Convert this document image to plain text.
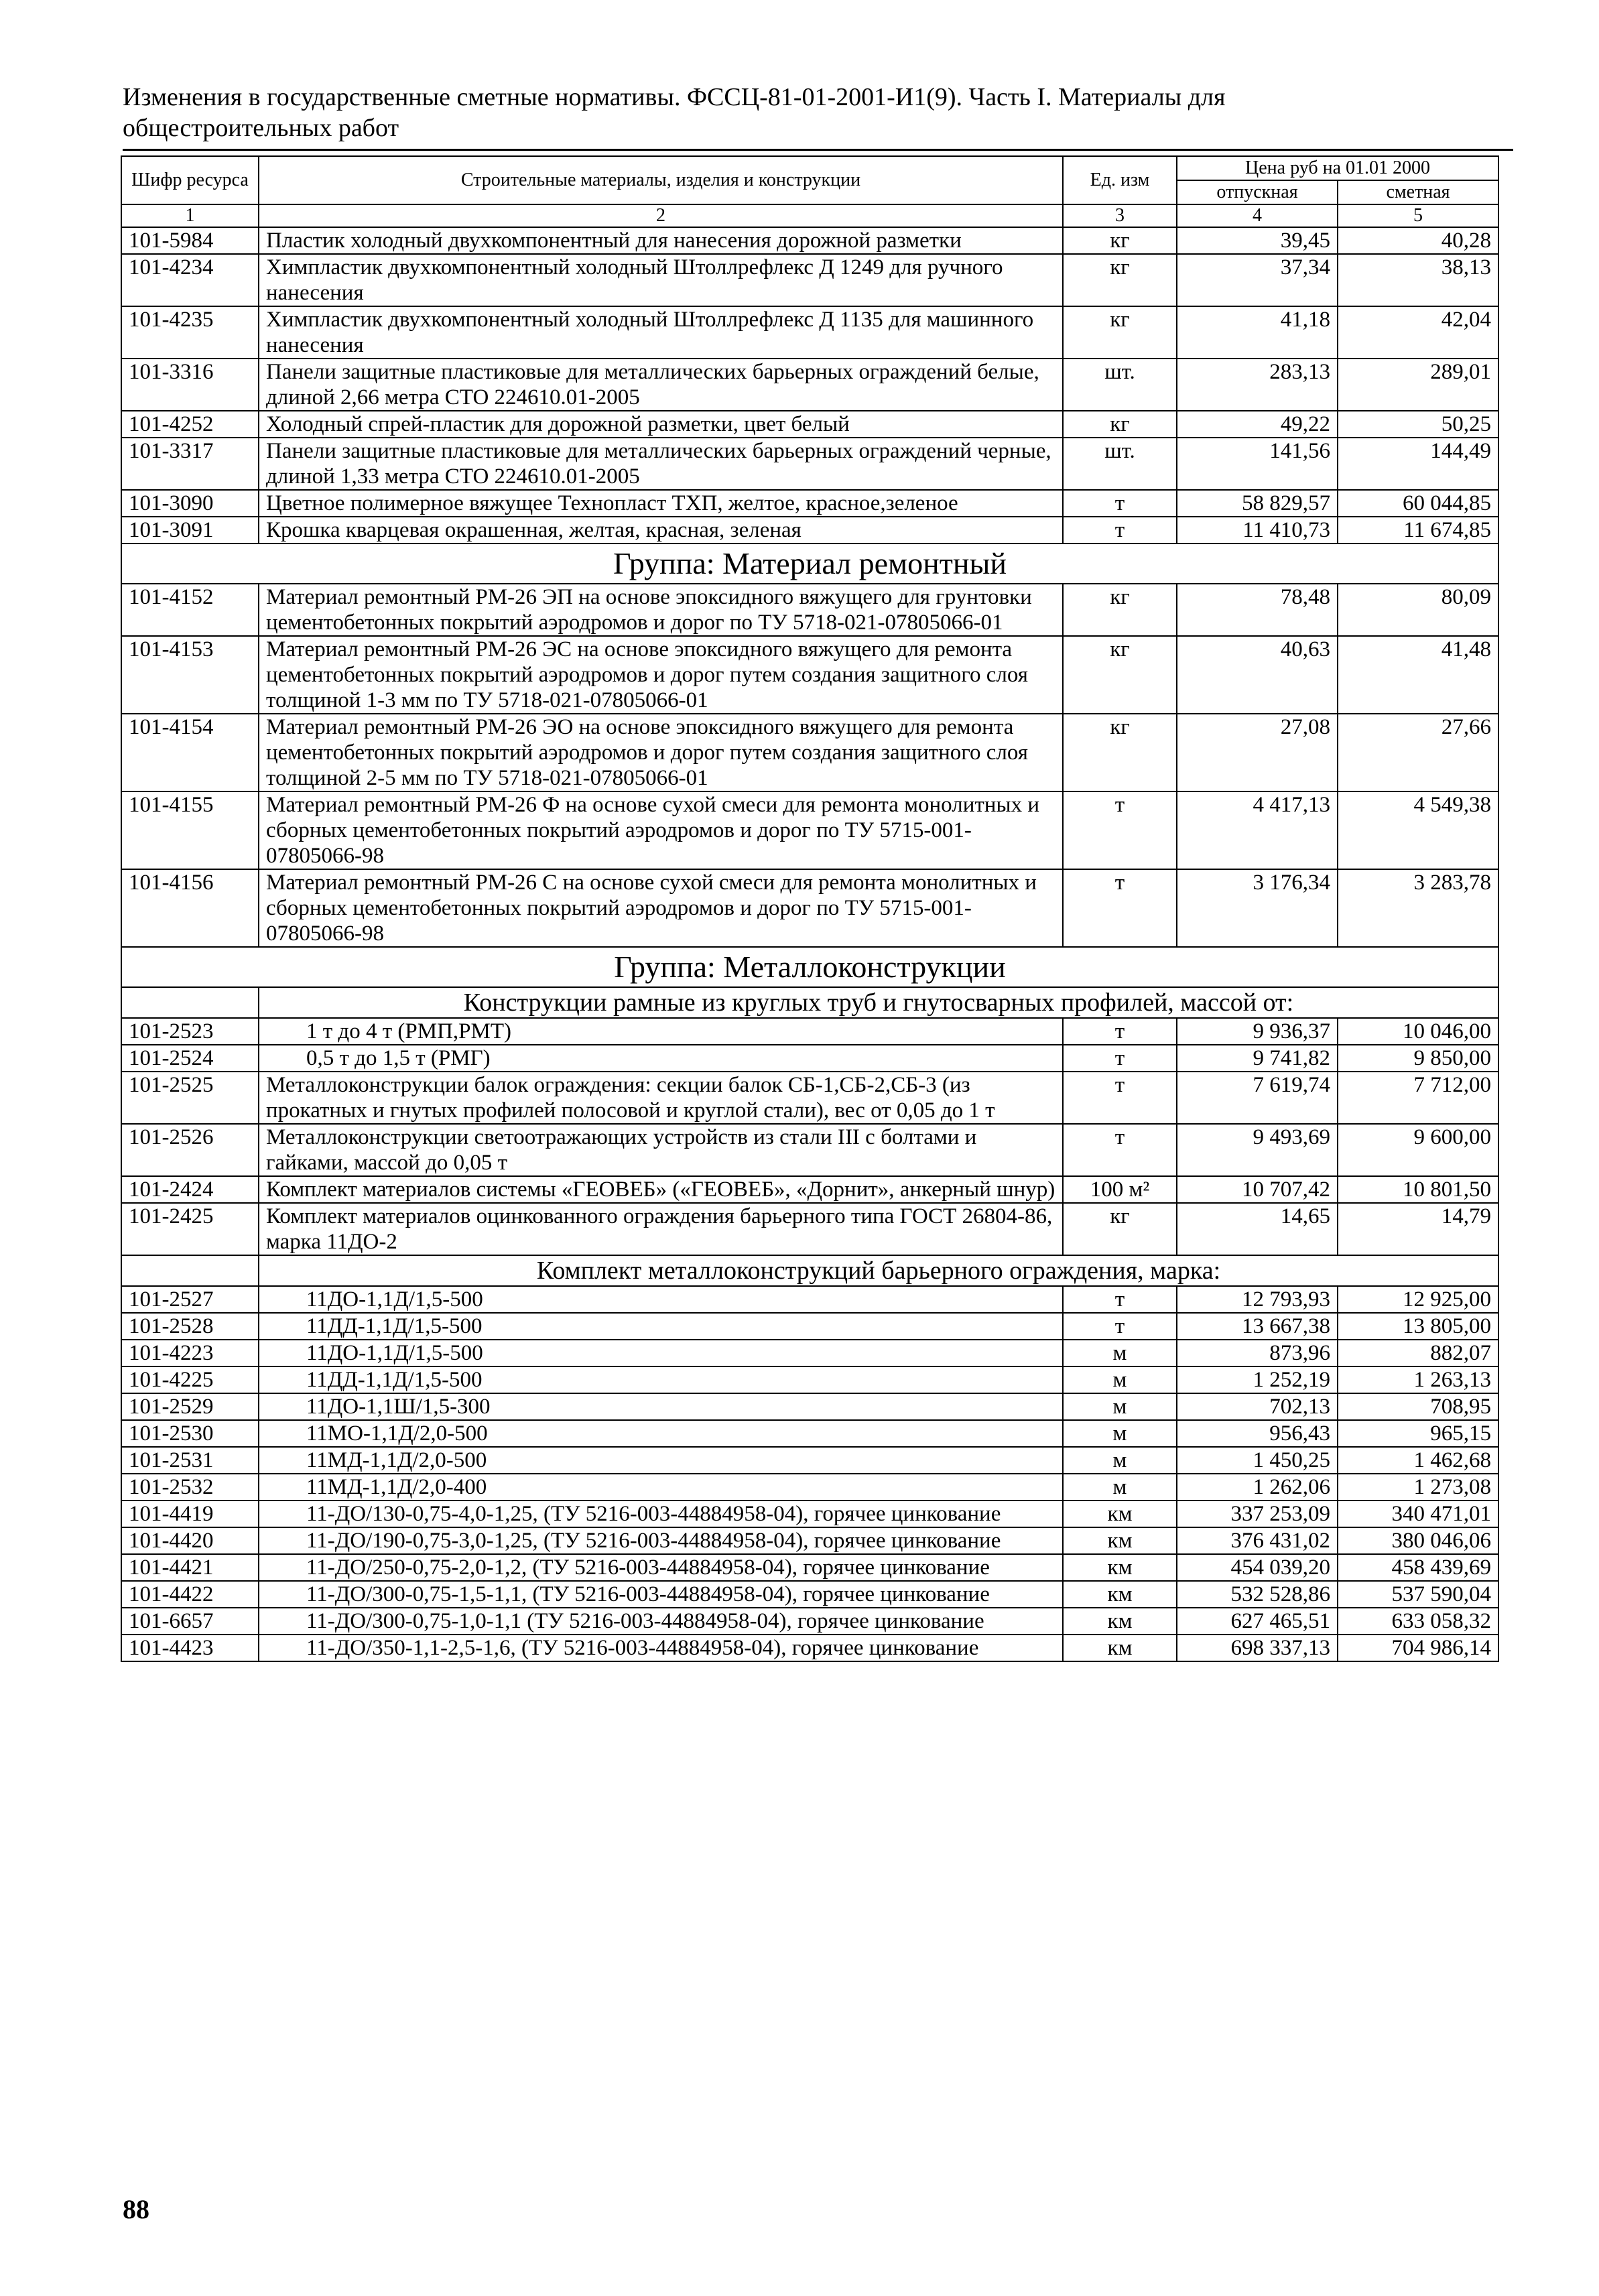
Изменения в государственные сметные нормативы. ФССЦ-81-01-2001-И1(9). Часть I. Материалы для
общестроительных работ
Шифр ресурса	Строительные материалы, изделия и конструкции	Ед. изм	Цена руб на 01.01 2000	
			отпускная	сметная
1	2	3	4	5
101-5984	Пластик холодный двухкомпонентный для нанесения дорожной разметки	кг	39,45	40,28
101-4234	Химпластик двухкомпонентный холодный Штоллрефлекс Д 1249 для ручного нанесения	кг	37,34	38,13
101-4235	Химпластик двухкомпонентный холодный Штоллрефлекс Д 1135 для машинного нанесения	кг	41,18	42,04
101-3316	Панели защитные пластиковые для металлических барьерных ограждений белые, длиной 2,66 метра СТО 224610.01-2005	шт.	283,13	289,01
101-4252	Холодный спрей-пластик для дорожной разметки, цвет белый	кг	49,22	50,25
101-3317	Панели защитные пластиковые для металлических барьерных ограждений черные, длиной 1,33 метра СТО 224610.01-2005	шт.	141,56	144,49
101-3090	Цветное полимерное вяжущее Технопласт ТХП, желтое, красное,зеленое	т	58 829,57	60 044,85
101-3091	Крошка кварцевая окрашенная, желтая, красная, зеленая	т	11 410,73	11 674,85
Группа: Материал ремонтный				
101-4152	Материал ремонтный РМ-26 ЭП на основе эпоксидного вяжущего для грунтовки цементобетонных покрытий аэродромов и дорог по ТУ 5718-021-07805066-01	кг	78,48	80,09
101-4153	Материал ремонтный РМ-26 ЭС на основе эпоксидного вяжущего для ремонта цементобетонных покрытий аэродромов и дорог путем создания защитного слоя толщиной 1-3 мм по ТУ 5718-021-07805066-01	кг	40,63	41,48
101-4154	Материал ремонтный РМ-26 ЭО на основе эпоксидного вяжущего для ремонта цементобетонных покрытий аэродромов и дорог путем создания защитного слоя толщиной 2-5 мм по ТУ 5718-021-07805066-01	кг	27,08	27,66
101-4155	Материал ремонтный РМ-26 Ф на основе сухой смеси для ремонта монолитных и сборных цементобетонных покрытий аэродромов и дорог по ТУ 5715-001-07805066-98	т	4 417,13	4 549,38
101-4156	Материал ремонтный РМ-26 С на основе сухой смеси для ремонта монолитных и сборных цементобетонных покрытий аэродромов и дорог по ТУ 5715-001-07805066-98	т	3 176,34	3 283,78
Группа: Металлоконструкции				
	Конструкции рамные из круглых труб и гнутосварных профилей, массой от:			
101-2523	1 т до 4 т (РМП,РМТ)	т	9 936,37	10 046,00
101-2524	0,5 т до 1,5 т (РМГ)	т	9 741,82	9 850,00
101-2525	Металлоконструкции балок ограждения: секции балок СБ-1,СБ-2,СБ-3 (из прокатных и гнутых профилей полосовой и круглой стали), вес от 0,05 до 1 т	т	7 619,74	7 712,00
101-2526	Металлоконструкции светоотражающих устройств из стали III с болтами и гайками, массой до 0,05 т	т	9 493,69	9 600,00
101-2424	Комплект материалов системы «ГЕОВЕБ» («ГЕОВЕБ», «Дорнит», анкерный шнур)	100 м²	10 707,42	10 801,50
101-2425	Комплект материалов оцинкованного ограждения барьерного типа ГОСТ 26804-86, марка 11ДО-2	кг	14,65	14,79
	Комплект металлоконструкций барьерного ограждения, марка:			
101-2527	11ДО-1,1Д/1,5-500	т	12 793,93	12 925,00
101-2528	11ДД-1,1Д/1,5-500	т	13 667,38	13 805,00
101-4223	11ДО-1,1Д/1,5-500	м	873,96	882,07
101-4225	11ДД-1,1Д/1,5-500	м	1 252,19	1 263,13
101-2529	11ДО-1,1Ш/1,5-300	м	702,13	708,95
101-2530	11МО-1,1Д/2,0-500	м	956,43	965,15
101-2531	11МД-1,1Д/2,0-500	м	1 450,25	1 462,68
101-2532	11МД-1,1Д/2,0-400	м	1 262,06	1 273,08
101-4419	11-ДО/130-0,75-4,0-1,25, (ТУ 5216-003-44884958-04), горячее цинкование	км	337 253,09	340 471,01
101-4420	11-ДО/190-0,75-3,0-1,25, (ТУ 5216-003-44884958-04), горячее цинкование	км	376 431,02	380 046,06
101-4421	11-ДО/250-0,75-2,0-1,2, (ТУ 5216-003-44884958-04), горячее цинкование	км	454 039,20	458 439,69
101-4422	11-ДО/300-0,75-1,5-1,1, (ТУ 5216-003-44884958-04), горячее цинкование	км	532 528,86	537 590,04
101-6657	11-ДО/300-0,75-1,0-1,1 (ТУ 5216-003-44884958-04), горячее цинкование	км	627 465,51	633 058,32
101-4423	11-ДО/350-1,1-2,5-1,6, (ТУ 5216-003-44884958-04), горячее цинкование	км	698 337,13	704 986,14
88
